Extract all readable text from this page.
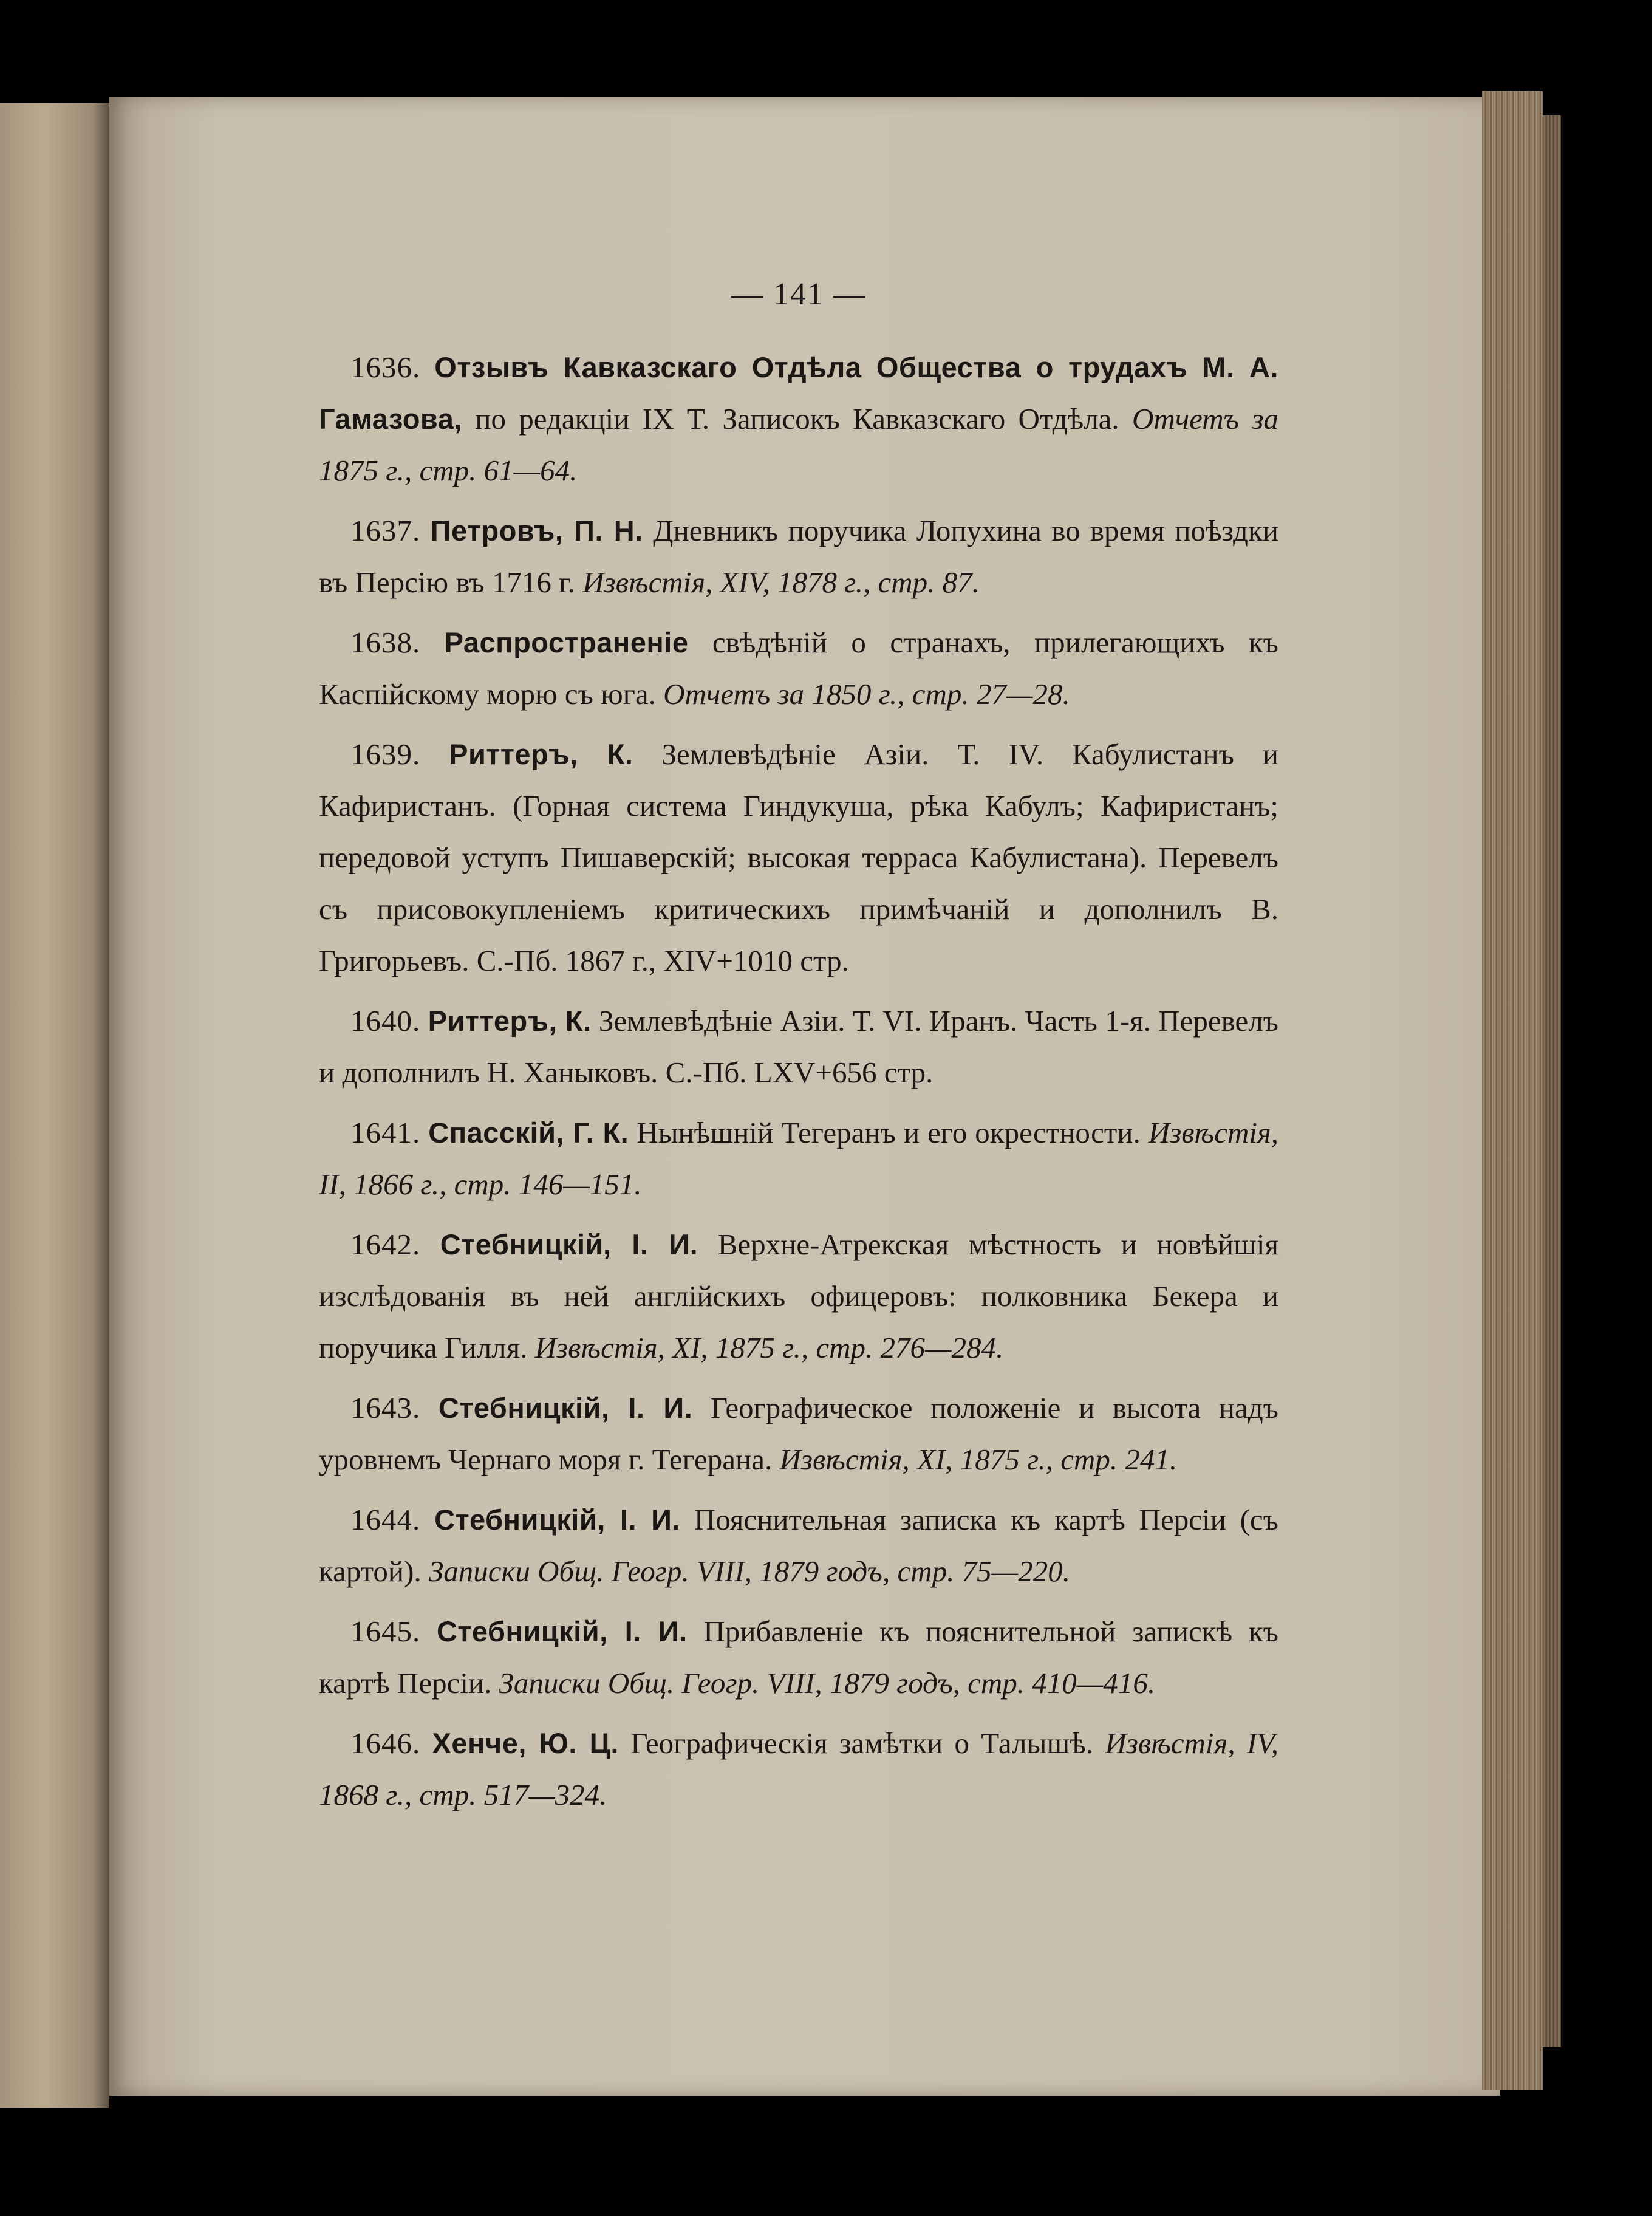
— 141 —

1636. Отзывъ Кавказскаго Отдѣла Общества о трудахъ М. А. Гамазова, по редакціи IX Т. Записокъ Кавказскаго Отдѣла. Отчетъ за 1875 г., стр. 61—64.

1637. Петровъ, П. Н. Дневникъ поручика Лопухина во время поѣздки въ Персію въ 1716 г. Извѣстія, XIV, 1878 г., стр. 87.

1638. Распространеніе свѣдѣній о странахъ, прилегающихъ къ Каспійскому морю съ юга. Отчетъ за 1850 г., стр. 27—28.

1639. Риттеръ, К. Землевѣдѣніе Азіи. Т. IV. Кабулистанъ и Кафиристанъ. (Горная система Гиндукуша, рѣка Кабулъ; Кафиристанъ; передовой уступъ Пишаверскій; высокая терраса Кабулистана). Перевелъ съ присовокупленіемъ критическихъ примѣчаній и дополнилъ В. Григорьевъ. С.-Пб. 1867 г., XIV+1010 стр.

1640. Риттеръ, К. Землевѣдѣніе Азіи. Т. VI. Иранъ. Часть 1-я. Перевелъ и дополнилъ Н. Ханыковъ. С.-Пб. LXV+656 стр.

1641. Спасскій, Г. К. Нынѣшній Тегеранъ и его окрестности. Извѣстія, II, 1866 г., стр. 146—151.

1642. Стебницкій, I. И. Верхне-Атрекская мѣстность и новѣйшія изслѣдованія въ ней англійскихъ офицеровъ: полковника Бекера и поручика Гилля. Извѣстія, XI, 1875 г., стр. 276—284.

1643. Стебницкій, I. И. Географическое положеніе и высота надъ уровнемъ Чернаго моря г. Тегерана. Извѣстія, XI, 1875 г., стр. 241.

1644. Стебницкій, I. И. Пояснительная записка къ картѣ Персіи (съ картой). Записки Общ. Геогр. VIII, 1879 годъ, стр. 75—220.

1645. Стебницкій, I. И. Прибавленіе къ пояснительной запискѣ къ картѣ Персіи. Записки Общ. Геогр. VIII, 1879 годъ, стр. 410—416.

1646. Хенче, Ю. Ц. Географическія замѣтки о Талышѣ. Извѣстія, IV, 1868 г., стр. 517—324.
